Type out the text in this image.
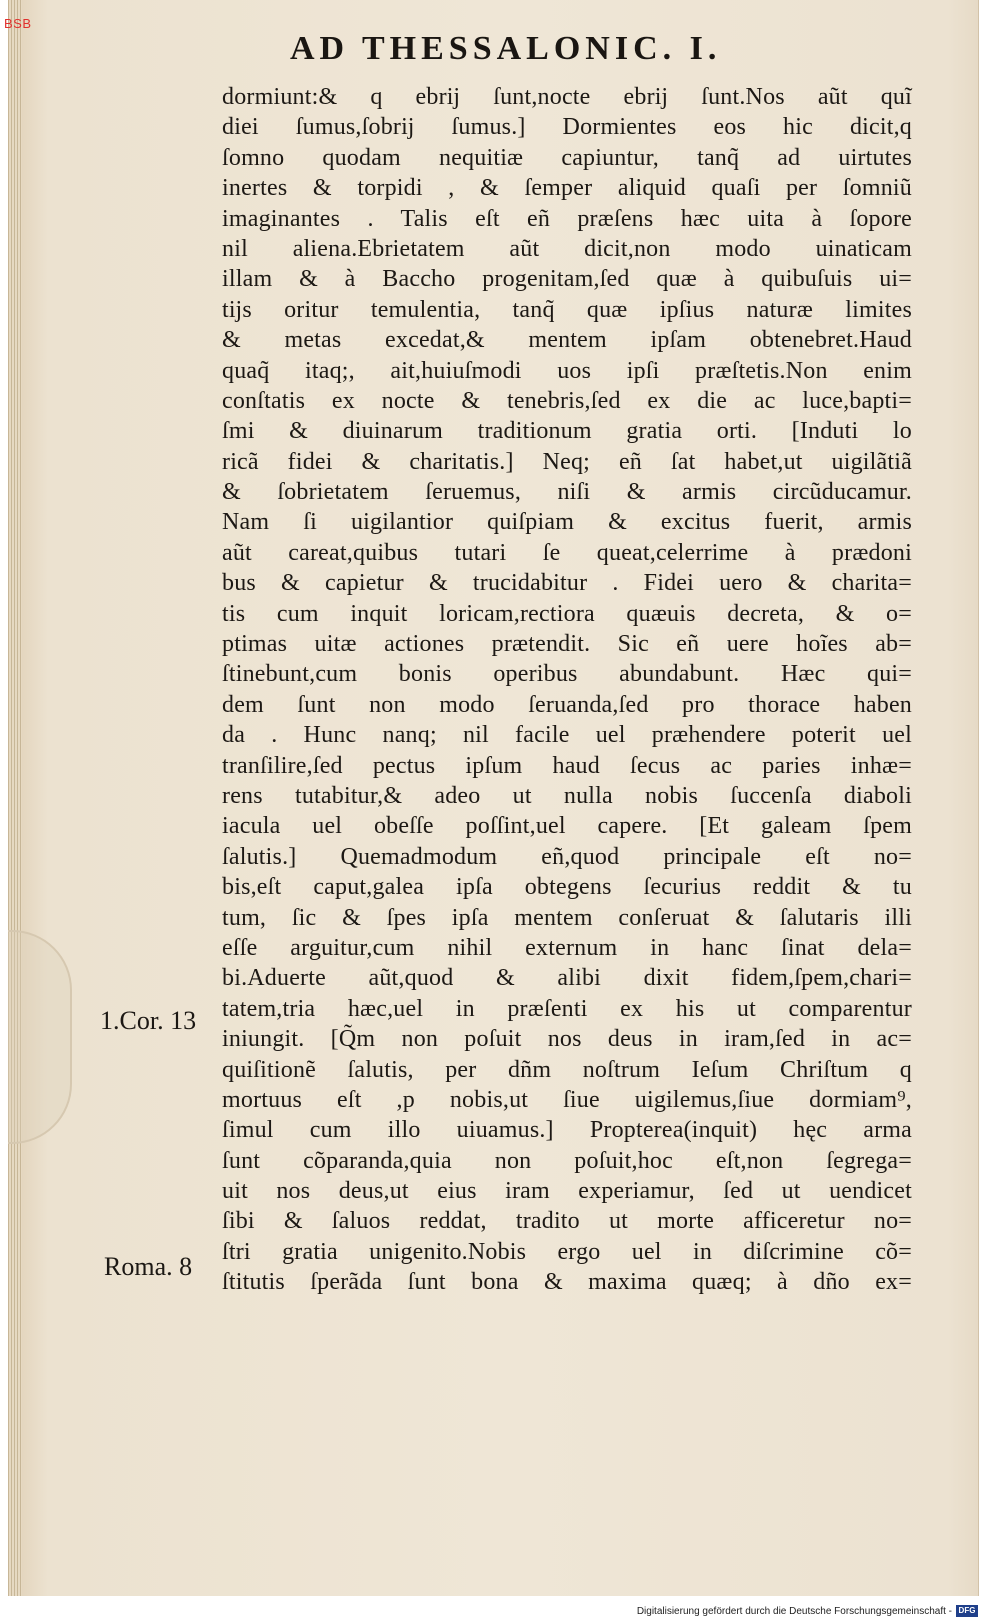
BSB
AD THESSALONIC. I.
dormiunt:& q ebrĳ ſunt,nocte ebrĳ ſunt.Nos aũt quĩ
diei ſumus,ſobrĳ ſumus.] Dormientes eos hic dicit,q
ſomno quodam nequitiæ capiuntur, tanq̃ ad uirtutes
inertes & torpidi , & ſemper aliquid quaſi per ſomniũ
imaginantes . Talis eſt eñ præſens hæc uita à ſopore
nil aliena.Ebrietatem aũt dicit,non modo uinaticam
illam & à Baccho progenitam,ſed quæ à quibuſuis ui=
tĳs oritur temulentia, tanq̃ quæ ipſius naturæ limites
& metas excedat,& mentem ipſam obtenebret.Haud
quaq̃ itaq;, ait,huiuſmodi uos ipſi præſtetis.Non enim
conſtatis ex nocte & tenebris,ſed ex die ac luce,bapti=
ſmi & diuinarum traditionum gratia orti. [Induti lo
ricã fidei & charitatis.] Neq; eñ ſat habet,ut uigilãtiã
& ſobrietatem ſeruemus, niſi & armis circũducamur.
Nam ſi uigilantior quiſpiam & excitus fuerit, armis
aũt careat,quibus tutari ſe queat,celerrime à prædoni
bus & capietur & trucidabitur . Fidei uero & charita=
tis cum inquit loricam,rectiora quæuis decreta, & o=
ptimas uitæ actiones prætendit. Sic eñ uere hoĩes ab=
ſtinebunt,cum bonis operibus abundabunt. Hæc qui=
dem ſunt non modo ſeruanda,ſed pro thorace haben
da . Hunc nanq; nil facile uel præhendere poterit uel
tranſilire,ſed pectus ipſum haud ſecus ac paries inhæ=
rens tutabitur,& adeo ut nulla nobis ſuccenſa diaboli
iacula uel obeſſe poſſint,uel capere. [Et galeam ſpem
ſalutis.] Quemadmodum eñ,quod principale eſt no=
bis,eſt caput,galea ipſa obtegens ſecurius reddit & tu
tum, ſic & ſpes ipſa mentem conſeruat & ſalutaris illi
eſſe arguitur,cum nihil externum in hanc ſinat dela=
bi.Aduerte aũt,quod & alibi dixit fidem,ſpem,chari=
tatem,tria hæc,uel in præſenti ex his ut comparentur
iniungit. [Q̃m non poſuit nos deus in iram,ſed in ac=
quiſitionẽ ſalutis, per dñm noſtrum Ieſum Chriſtum q
mortuus eſt ,p nobis,ut ſiue uigilemus,ſiue dormiam⁹,
ſimul cum illo uiuamus.] Propterea(inquit) hęc arma
ſunt cõparanda,quia non poſuit,hoc eſt,non ſegrega=
uit nos deus,ut eius iram experiamur, ſed ut uendicet
ſibi & ſaluos reddat, tradito ut morte afficeretur no=
ſtri gratia unigenito.Nobis ergo uel in diſcrimine cõ=
ſtitutis ſperãda ſunt bona & maxima quæq; à dño ex=
1.Cor. 13
Roma. 8
Digitalisierung gefördert durch die Deutsche Forschungsgemeinschaft - DFG
